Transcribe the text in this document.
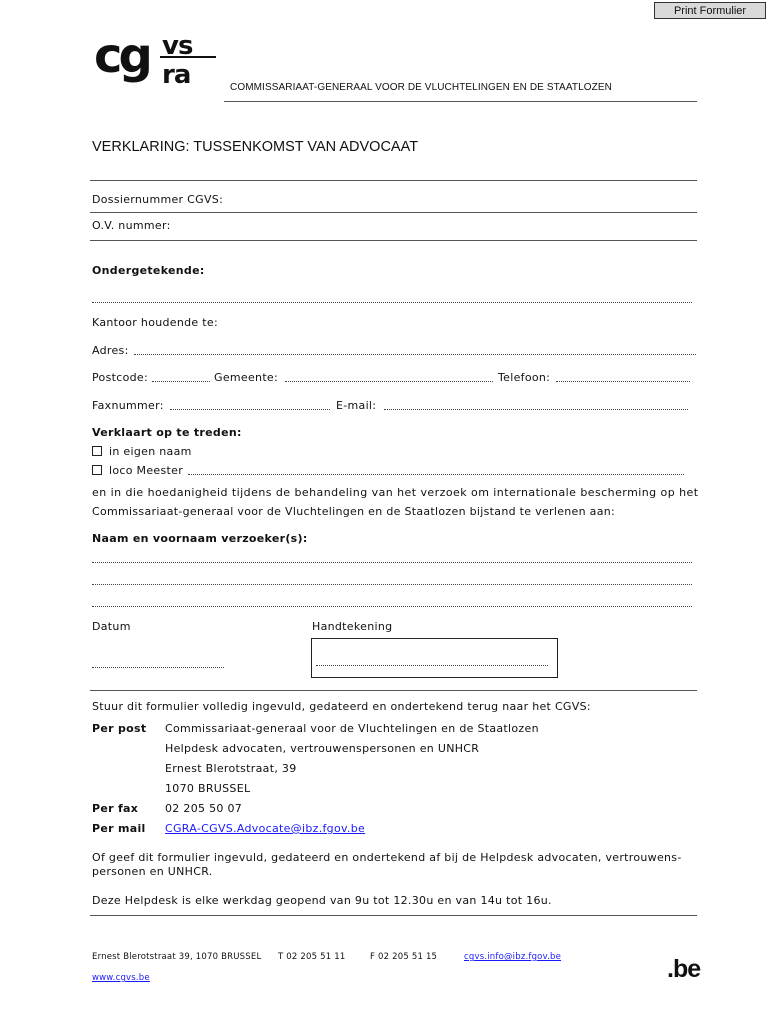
Print Formulier
cg vs
ra	COMMISSARIAAT-GENERAAL VOOR DE VLUCHTELINGEN EN DE STAATLOZEN
VERKLARING: TUSSENKOMST VAN ADVOCAAT
Dossiernummer CGVS:
O.V. nummer:
Ondergetekende:
Kantoor houdende te:
Adres:
Postcode:	Gemeente:	Telefoon:
Faxnummer:	E-mail:
Verklaart op te treden:
in eigen naam
loco Meester
en in die hoedanigheid tijdens de behandeling van het verzoek om internationale bescherming op het
Commissariaat-generaal voor de Vluchtelingen en de Staatlozen bijstand te verlenen aan:
Naam en voornaam verzoeker(s):
Datum	Handtekening
Stuur dit formulier volledig ingevuld, gedateerd en ondertekend terug naar het CGVS:
Per post Commissariaat-generaal voor de Vluchtelingen en de Staatlozen
Helpdesk advocaten, vertrouwenspersonen en UNHCR
Ernest Blerotstraat, 39
1070 BRUSSEL
Per fax 02 205 50 07
Per mail CGRA-CGVS.Advocate@ibz.fgov.be
Of geef dit formulier ingevuld, gedateerd en ondertekend af bij de Helpdesk advocaten, vertrouwens-
personen en UNHCR.
Deze Helpdesk is elke werkdag geopend van 9u tot 12.30u en van 14u tot 16u.
Ernest Blerotstraat 39, 1070 BRUSSEL T 02 205 51 11	F 02 205 51 15	cgvs.info@ibz.fgov.be
www.cgvs.be	.be
